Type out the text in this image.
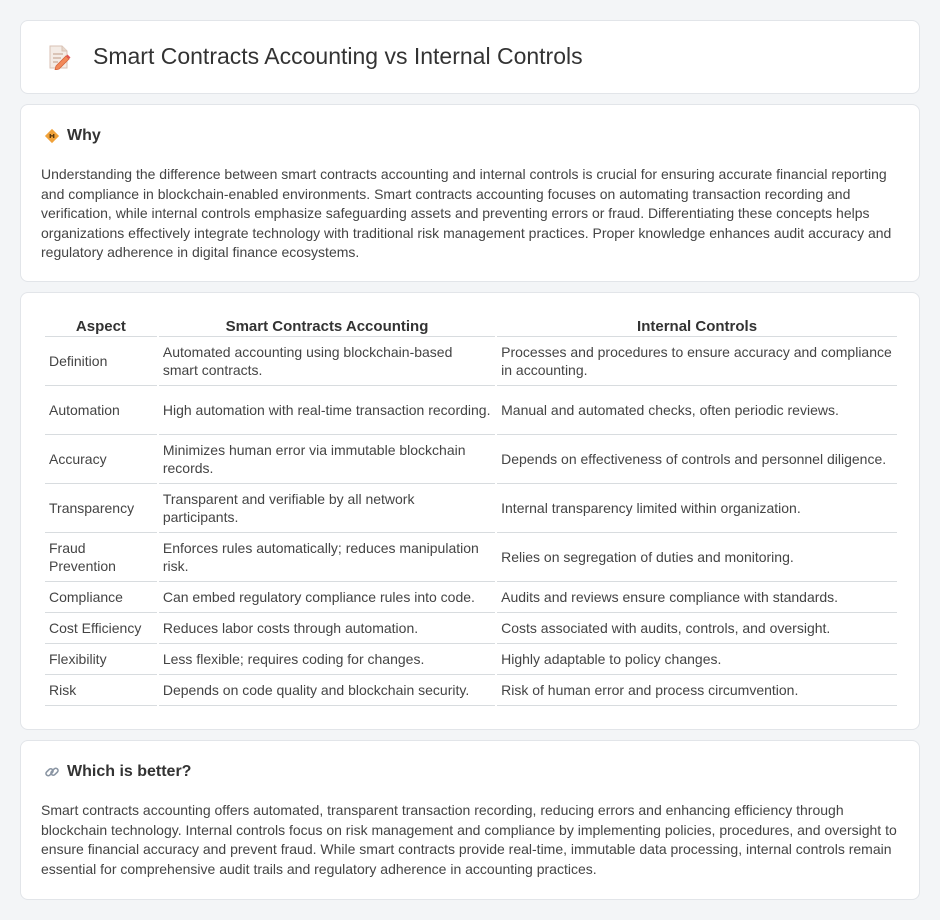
Smart Contracts Accounting vs Internal Controls
Why

Understanding the difference between smart contracts accounting and internal controls is crucial for ensuring accurate financial reporting and compliance in blockchain-enabled environments. Smart contracts accounting focuses on automating transaction recording and verification, while internal controls emphasize safeguarding assets and preventing errors or fraud. Differentiating these concepts helps organizations effectively integrate technology with traditional risk management practices. Proper knowledge enhances audit accuracy and regulatory adherence in digital finance ecosystems.

Aspect	Smart Contracts Accounting	Internal Controls
Definition	Automated accounting using blockchain-based smart contracts.	Processes and procedures to ensure accuracy and compliance in accounting.
Automation	High automation with real-time transaction recording.	Manual and automated checks, often periodic reviews.
Accuracy	Minimizes human error via immutable blockchain records.	Depends on effectiveness of controls and personnel diligence.
Transparency	Transparent and verifiable by all network participants.	Internal transparency limited within organization.
Fraud Prevention	Enforces rules automatically; reduces manipulation risk.	Relies on segregation of duties and monitoring.
Compliance	Can embed regulatory compliance rules into code.	Audits and reviews ensure compliance with standards.
Cost Efficiency	Reduces labor costs through automation.	Costs associated with audits, controls, and oversight.
Flexibility	Less flexible; requires coding for changes.	Highly adaptable to policy changes.
Risk	Depends on code quality and blockchain security.	Risk of human error and process circumvention.
Which is better?

Smart contracts accounting offers automated, transparent transaction recording, reducing errors and enhancing efficiency through blockchain technology. Internal controls focus on risk management and compliance by implementing policies, procedures, and oversight to ensure financial accuracy and prevent fraud. While smart contracts provide real-time, immutable data processing, internal controls remain essential for comprehensive audit trails and regulatory adherence in accounting practices.
